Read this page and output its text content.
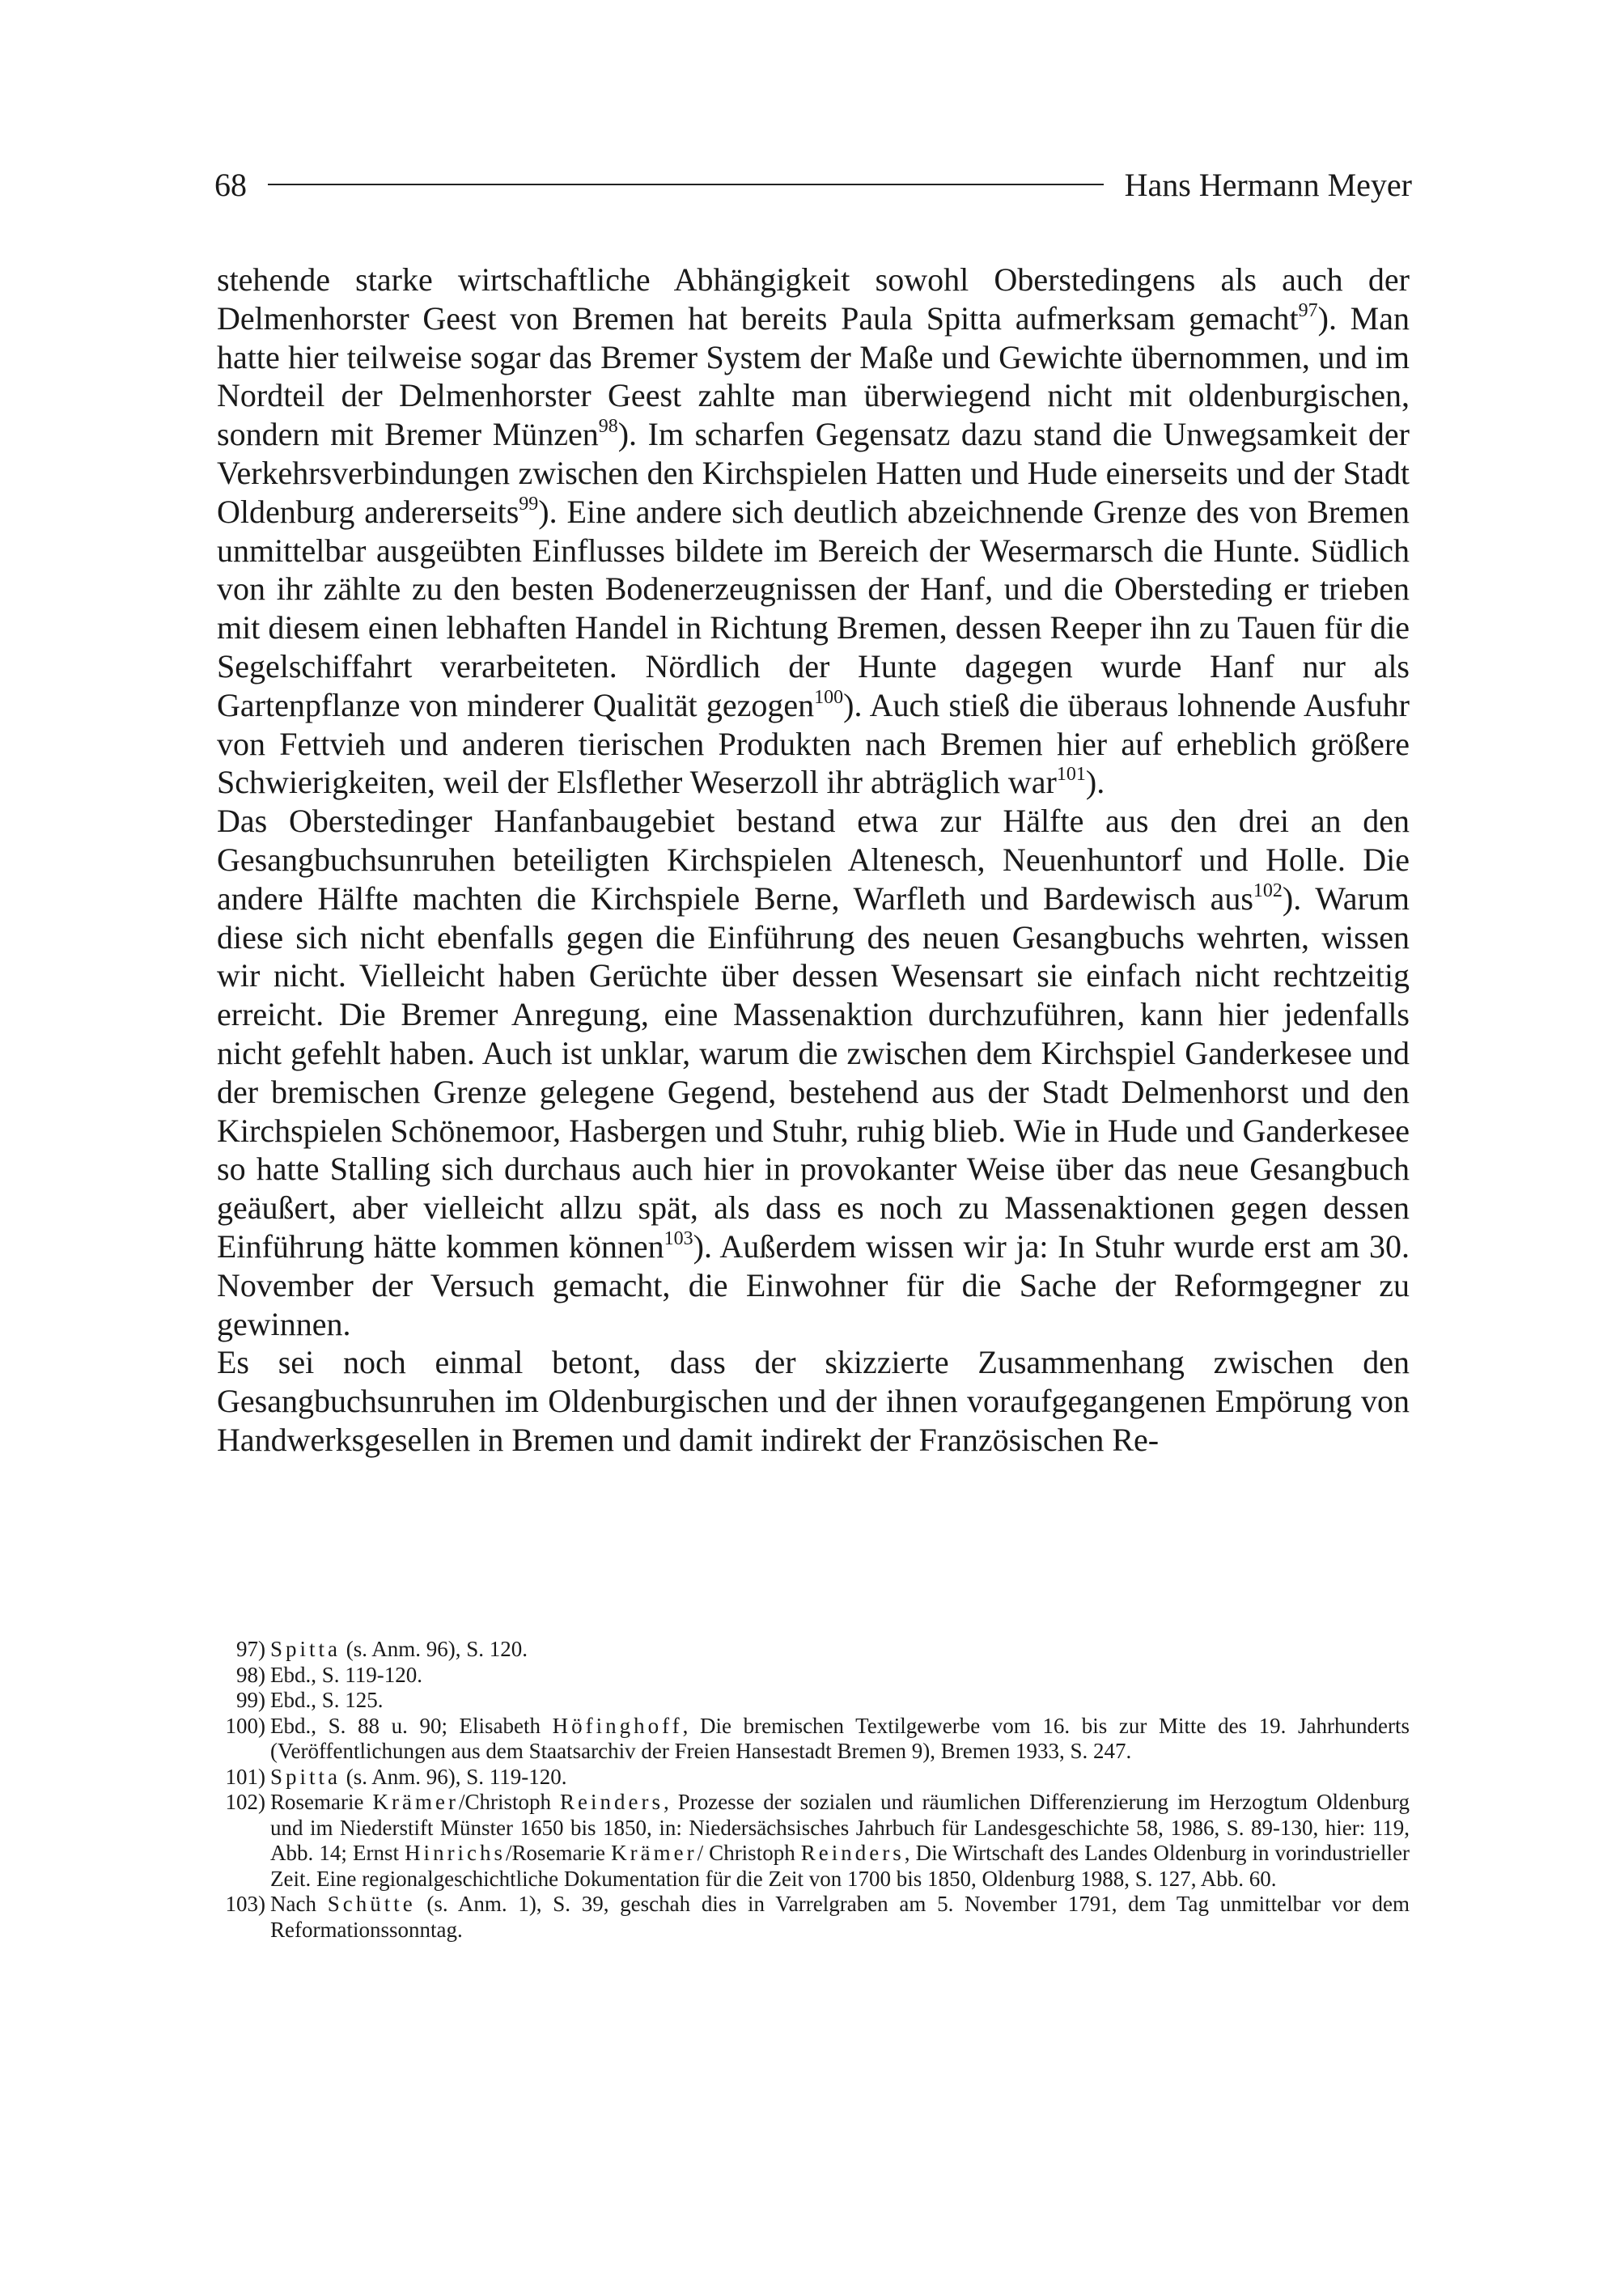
68	Hans Hermann Meyer

stehende starke wirtschaftliche Abhängigkeit sowohl Oberstedingens als auch der Delmenhorster Geest von Bremen hat bereits Paula Spitta aufmerksam gemacht$^{97}$). Man hatte hier teilweise sogar das Bremer System der Maße und Gewichte übernommen, und im Nordteil der Delmenhorster Geest zahlte man überwiegend nicht mit oldenburgischen, sondern mit Bremer Münzen$^{98}$). Im scharfen Gegensatz dazu stand die Unwegsamkeit der Verkehrsverbindungen zwischen den Kirchspielen Hatten und Hude einerseits und der Stadt Oldenburg andererseits$^{99}$). Eine andere sich deutlich abzeichnende Grenze des von Bremen unmittelbar ausgeübten Einflusses bildete im Bereich der Wesermarsch die Hunte. Südlich von ihr zählte zu den besten Bodenerzeugnissen der Hanf, und die Obersteding er trieben mit diesem einen lebhaften Handel in Richtung Bremen, dessen Reeper ihn zu Tauen für die Segelschiffahrt verarbeiteten. Nördlich der Hunte dagegen wurde Hanf nur als Gartenpflanze von minderer Qualität gezogen$^{100}$). Auch stieß die überaus lohnende Ausfuhr von Fettvieh und anderen tierischen Produkten nach Bremen hier auf erheblich größere Schwierigkeiten, weil der Elsflether Weserzoll ihr abträglich war$^{101}$).

Das Oberstedinger Hanfanbaugebiet bestand etwa zur Hälfte aus den drei an den Gesangbuchsunruhen beteiligten Kirchspielen Altenesch, Neuenhuntorf und Holle. Die andere Hälfte machten die Kirchspiele Berne, Warfleth und Bardewisch aus$^{102}$). Warum diese sich nicht ebenfalls gegen die Einführung des neuen Gesangbuchs wehrten, wissen wir nicht. Vielleicht haben Gerüchte über dessen Wesensart sie einfach nicht rechtzeitig erreicht. Die Bremer Anregung, eine Massenaktion durchzuführen, kann hier jedenfalls nicht gefehlt haben. Auch ist unklar, warum die zwischen dem Kirchspiel Ganderkesee und der bremischen Grenze gelegene Gegend, bestehend aus der Stadt Delmenhorst und den Kirchspielen Schönemoor, Hasbergen und Stuhr, ruhig blieb. Wie in Hude und Ganderkesee so hatte Stalling sich durchaus auch hier in provokanter Weise über das neue Gesangbuch geäußert, aber vielleicht allzu spät, als dass es noch zu Massenaktionen gegen dessen Einführung hätte kommen können$^{103}$). Außerdem wissen wir ja: In Stuhr wurde erst am 30. November der Versuch gemacht, die Einwohner für die Sache der Reformgegner zu gewinnen.

Es sei noch einmal betont, dass der skizzierte Zusammenhang zwischen den Gesangbuchsunruhen im Oldenburgischen und der ihnen voraufgegangenen Empörung von Handwerksgesellen in Bremen und damit indirekt der Französischen Re-

97) Spitta (s. Anm. 96), S. 120.
98) Ebd., S. 119-120.
99) Ebd., S. 125.
100) Ebd., S. 88 u. 90; Elisabeth Höfinghoff, Die bremischen Textilgewerbe vom 16. bis zur Mitte des 19. Jahrhunderts (Veröffentlichungen aus dem Staatsarchiv der Freien Hansestadt Bremen 9), Bremen 1933, S. 247.
101) Spitta (s. Anm. 96), S. 119-120.
102) Rosemarie Krämer/Christoph Reinders, Prozesse der sozialen und räumlichen Differenzierung im Herzogtum Oldenburg und im Niederstift Münster 1650 bis 1850, in: Niedersächsisches Jahrbuch für Landesgeschichte 58, 1986, S. 89-130, hier: 119, Abb. 14; Ernst Hinrichs/Rosemarie Krämer/ Christoph Reinders, Die Wirtschaft des Landes Oldenburg in vorindustrieller Zeit. Eine regionalgeschichtliche Dokumentation für die Zeit von 1700 bis 1850, Oldenburg 1988, S. 127, Abb. 60.
103) Nach Schütte (s. Anm. 1), S. 39, geschah dies in Varrelgraben am 5. November 1791, dem Tag unmittelbar vor dem Reformationssonntag.
